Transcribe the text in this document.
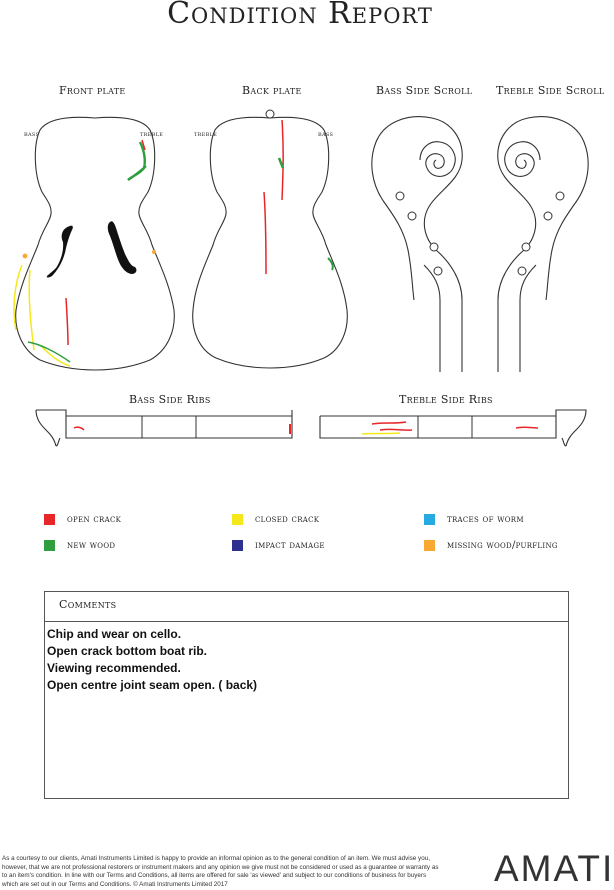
Condition Report
Front plate	Back plate	Bass Side Scroll Treble Side Scroll
bass	treble	treble	bass
Bass Side Ribs	Treble Side Ribs
open crack
new wood
closed crack
impact damage
traces of worm
missing wood/purfling
Comments
Chip and wear on cello.
Open crack bottom boat rib.
Viewing recommended.
Open centre joint seam open. ( back)
As a courtesy to our clients, Amati Instruments Limited is happy to provide an informal opinion as to the general condition of an item. We must advise you, however, that we are not professional restorers or instrument makers and any opinion we give must not be considered or used as a guarantee or warranty as to an item's condition. In line with our Terms and Conditions, all items are offered for sale 'as viewed' and subject to our conditions of business for buyers which are set out in our Terms and Conditions. © Amati Instruments Limited 2017	AMATI
